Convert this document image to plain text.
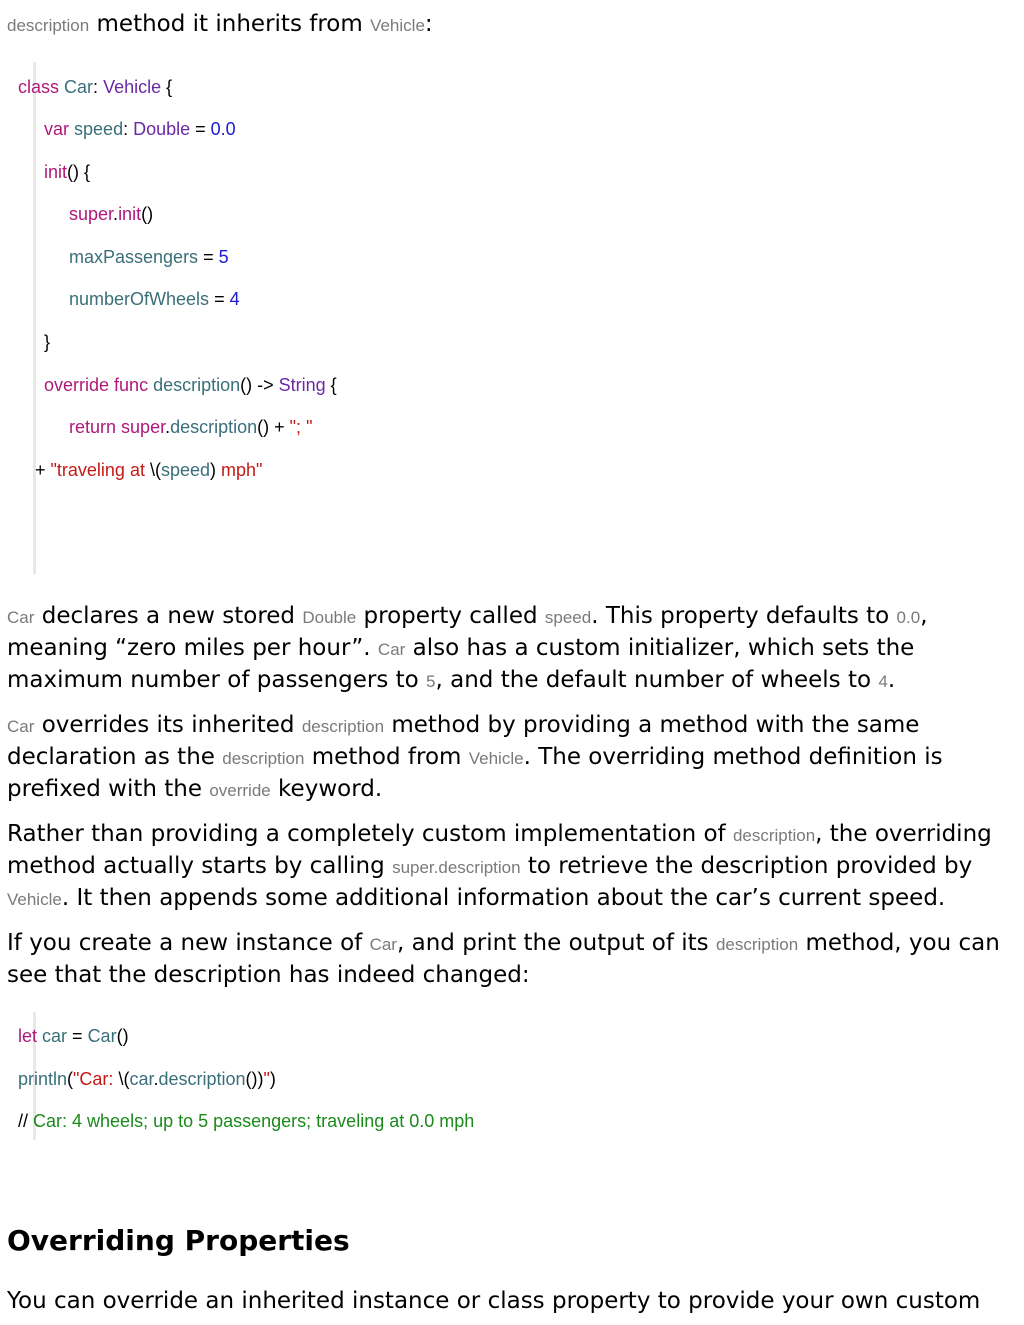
description method it inherits from Vehicle:

class Car: Vehicle {

var speed: Double = 0.0

init() {

super.init()

maxPassengers = 5

numberOfWheels = 4

}

override func description() -> String {

return super.description() + "; "

+ "traveling at \(speed) mph"

Car declares a new stored Double property called speed. This property defaults to 0.0, meaning “zero miles per hour”. Car also has a custom initializer, which sets the maximum number of passengers to 5, and the default number of wheels to 4.

Car overrides its inherited description method by providing a method with the same declaration as the description method from Vehicle. The overriding method definition is prefixed with the override keyword.

Rather than providing a completely custom implementation of description, the overriding method actually starts by calling super.description to retrieve the description provided by Vehicle. It then appends some additional information about the car’s current speed.

If you create a new instance of Car, and print the output of its description method, you can see that the description has indeed changed:

let car = Car()

println("Car: \(car.description())")

// Car: 4 wheels; up to 5 passengers; traveling at 0.0 mph

Overriding Properties

You can override an inherited instance or class property to provide your own custom
